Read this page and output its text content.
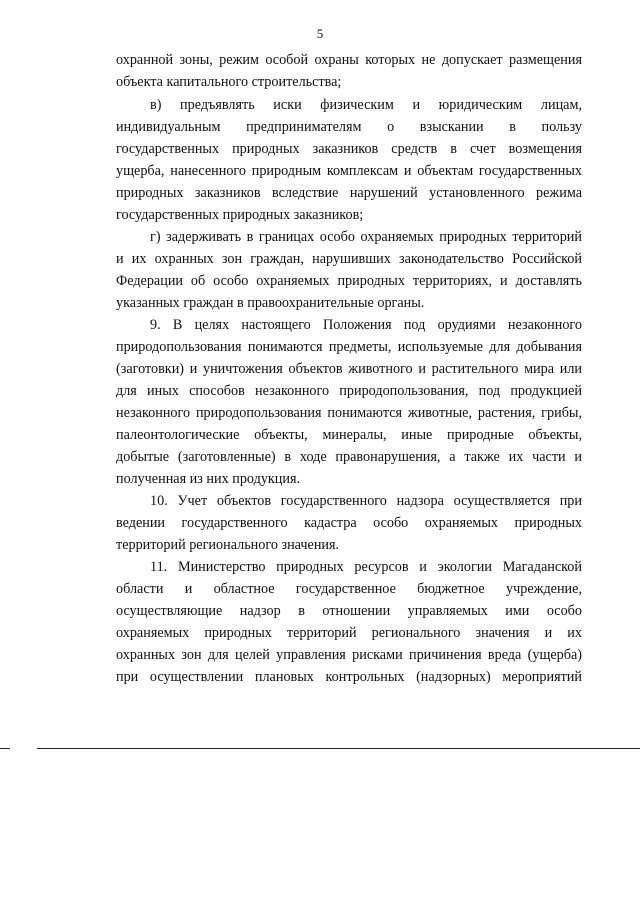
5
охранной зоны, режим особой охраны которых не допускает размещения
объекта капитального строительства;
в) предъявлять иски физическим и юридическим лицам,
индивидуальным предпринимателям о взыскании в пользу
государственных природных заказников средств в счет возмещения
ущерба, нанесенного природным комплексам и объектам государственных
природных заказников вследствие нарушений установленного режима
государственных природных заказников;
г) задерживать в границах особо охраняемых природных территорий
и их охранных зон граждан, нарушивших законодательство Российской
Федерации об особо охраняемых природных территориях, и доставлять
указанных граждан в правоохранительные органы.
9. В целях настоящего Положения под орудиями незаконного
природопользования понимаются предметы, используемые для добывания
(заготовки) и уничтожения объектов животного и растительного мира или
для иных способов незаконного природопользования, под продукцией
незаконного природопользования понимаются животные, растения, грибы,
палеонтологические объекты, минералы, иные природные объекты,
добытые (заготовленные) в ходе правонарушения, а также их части и
полученная из них продукция.
10. Учет объектов государственного надзора осуществляется при
ведении государственного кадастра особо охраняемых природных
территорий регионального значения.
11. Министерство природных ресурсов и экологии Магаданской
области и областное государственное бюджетное учреждение,
осуществляющие надзор в отношении управляемых ими особо
охраняемых природных территорий регионального значения и их
охранных зон для целей управления рисками причинения вреда (ущерба)
при осуществлении плановых контрольных (надзорных) мероприятий
